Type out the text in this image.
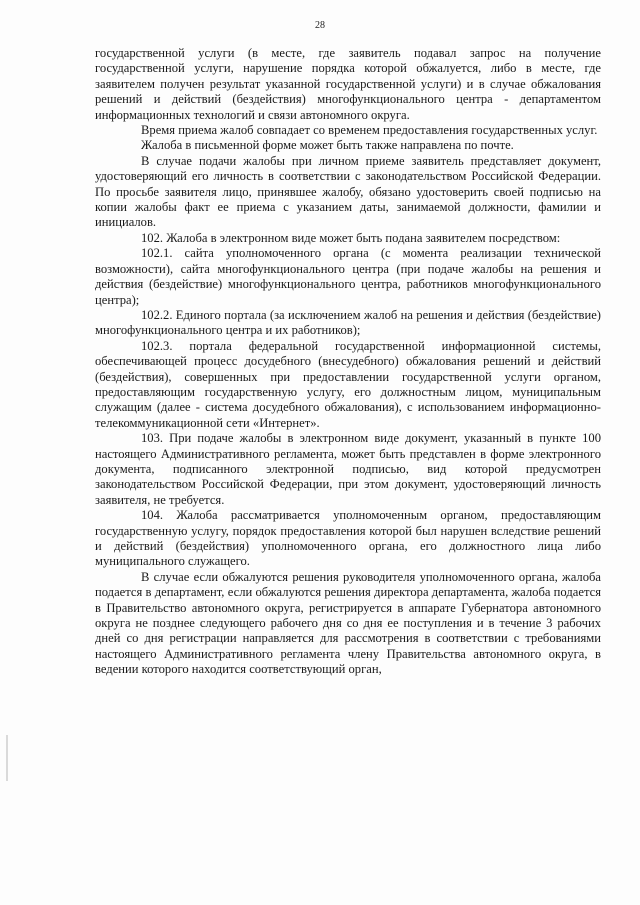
28

государственной услуги (в месте, где заявитель подавал запрос на получение государственной услуги, нарушение порядка которой обжалуется, либо в месте, где заявителем получен результат указанной государственной услуги) и в случае обжалования решений и действий (бездействия) многофункционального центра - департаментом информационных технологий и связи автономного округа.

Время приема жалоб совпадает со временем предоставления государственных услуг.

Жалоба в письменной форме может быть также направлена по почте.

В случае подачи жалобы при личном приеме заявитель представляет документ, удостоверяющий его личность в соответствии с законодательством Российской Федерации. По просьбе заявителя лицо, принявшее жалобу, обязано удостоверить своей подписью на копии жалобы факт ее приема с указанием даты, занимаемой должности, фамилии и инициалов.

102. Жалоба в электронном виде может быть подана заявителем посредством:

102.1. сайта уполномоченного органа (с момента реализации технической возможности), сайта многофункционального центра (при подаче жалобы на решения и действия (бездействие) многофункционального центра, работников многофункционального центра);

102.2. Единого портала (за исключением жалоб на решения и действия (бездействие) многофункционального центра и их работников);

102.3. портала федеральной государственной информационной системы, обеспечивающей процесс досудебного (внесудебного) обжалования решений и действий (бездействия), совершенных при предоставлении государственной услуги органом, предоставляющим государственную услугу, его должностным лицом, муниципальным служащим (далее - система досудебного обжалования), с использованием информационно-телекоммуникационной сети «Интернет».

103. При подаче жалобы в электронном виде документ, указанный в пункте 100 настоящего Административного регламента, может быть представлен в форме электронного документа, подписанного электронной подписью, вид которой предусмотрен законодательством Российской Федерации, при этом документ, удостоверяющий личность заявителя, не требуется.

104. Жалоба рассматривается уполномоченным органом, предоставляющим государственную услугу, порядок предоставления которой был нарушен вследствие решений и действий (бездействия) уполномоченного органа, его должностного лица либо муниципального служащего.

В случае если обжалуются решения руководителя уполномоченного органа, жалоба подается в департамент, если обжалуются решения директора департамента, жалоба подается в Правительство автономного округа, регистрируется в аппарате Губернатора автономного округа не позднее следующего рабочего дня со дня ее поступления и в течение 3 рабочих дней со дня регистрации направляется для рассмотрения в соответствии с требованиями настоящего Административного регламента члену Правительства автономного округа, в ведении которого находится соответствующий орган,
